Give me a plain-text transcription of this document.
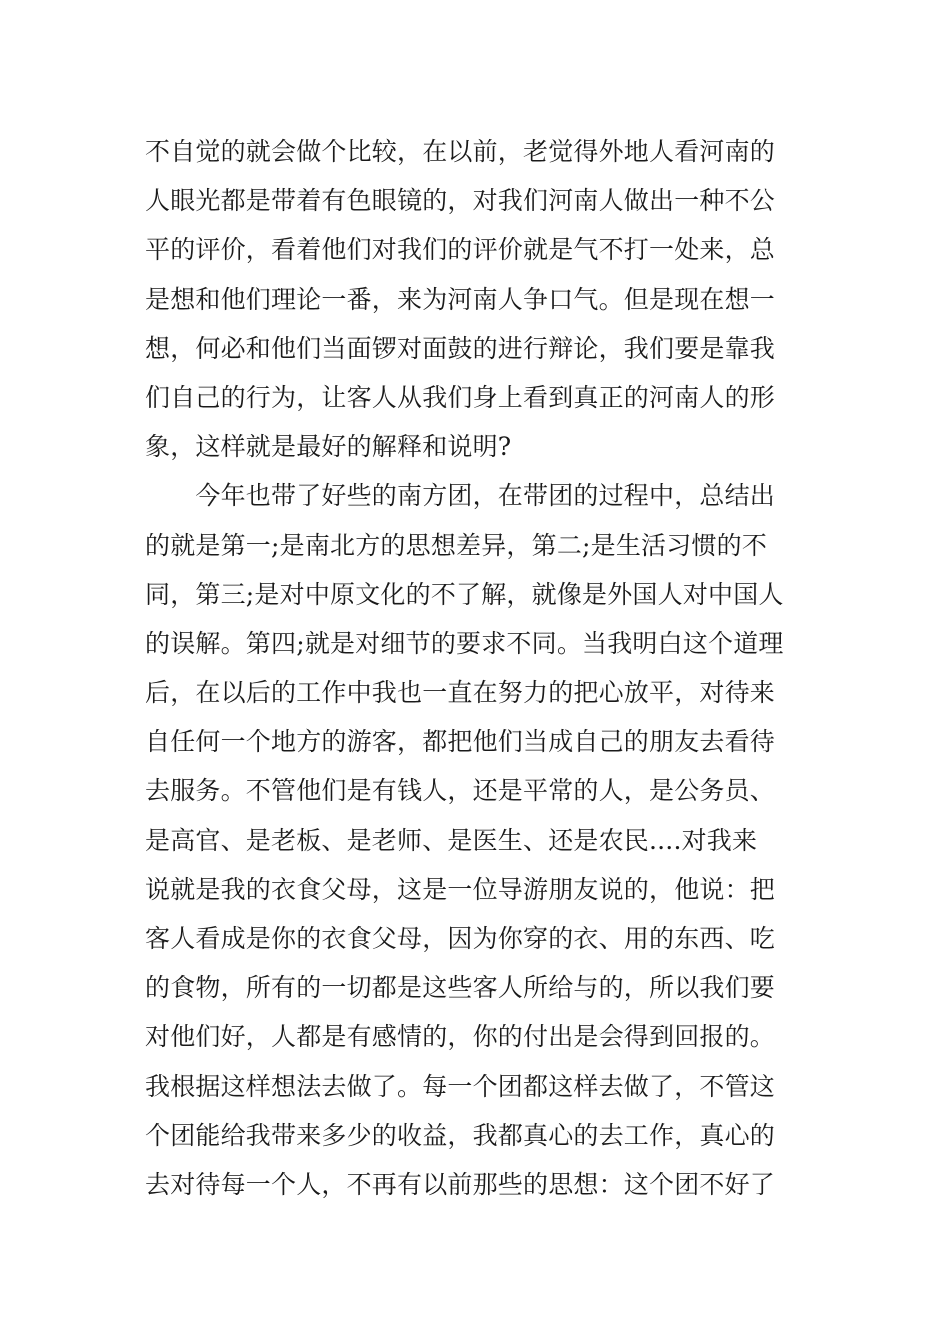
不自觉的就会做个比较，在以前，老觉得外地人看河南的
人眼光都是带着有色眼镜的，对我们河南人做出一种不公
平的评价，看着他们对我们的评价就是气不打一处来，总
是想和他们理论一番，来为河南人争口气。但是现在想一
想，何必和他们当面锣对面鼓的进行辩论，我们要是靠我
们自己的行为，让客人从我们身上看到真正的河南人的形
象，这样就是最好的解释和说明?
　　今年也带了好些的南方团，在带团的过程中，总结出
的就是第一;是南北方的思想差异，第二;是生活习惯的不
同，第三;是对中原文化的不了解，就像是外国人对中国人
的误解。第四;就是对细节的要求不同。当我明白这个道理
后，在以后的工作中我也一直在努力的把心放平，对待来
自任何一个地方的游客，都把他们当成自己的朋友去看待
去服务。不管他们是有钱人，还是平常的人，是公务员、
是高官、是老板、是老师、是医生、还是农民....对我来
说就是我的衣食父母，这是一位导游朋友说的，他说：把
客人看成是你的衣食父母，因为你穿的衣、用的东西、吃
的食物，所有的一切都是这些客人所给与的，所以我们要
对他们好，人都是有感情的，你的付出是会得到回报的。
我根据这样想法去做了。每一个团都这样去做了，不管这
个团能给我带来多少的收益，我都真心的去工作，真心的
去对待每一个人，不再有以前那些的思想：这个团不好了
